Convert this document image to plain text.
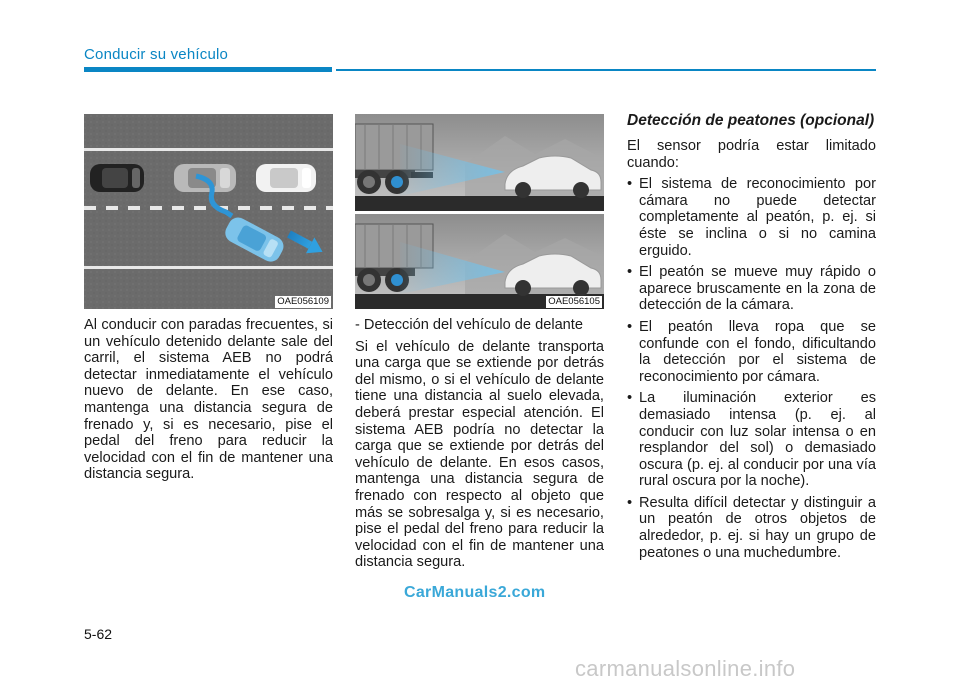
Conducir su vehículo
OAE056109	OAE056105

Al conducir con paradas frecuentes, si un vehículo detenido delante sale del carril, el sistema AEB no podrá detectar inmediatamente el vehículo nuevo de delante. En ese caso, mantenga una distancia segura de frenado y, si es necesario, pise el pedal del freno para reducir la velocidad con el fin de mantener una distancia segura.

- Detección del vehículo de delante

Si el vehículo de delante transporta una carga que se extiende por detrás del mismo, o si el vehículo de delante tiene una distancia al suelo elevada, deberá prestar especial atención. El sistema AEB podría no detectar la carga que se extiende por detrás del vehículo de delante. En esos casos, mantenga una distancia segura de frenado con respecto al objeto que más se sobresalga y, si es necesario, pise el pedal del freno para reducir la velocidad con el fin de mantener una distancia segura.

Detección de peatones (opcional)

El sensor podría estar limitado cuando:

• El sistema de reconocimiento por cámara no puede detectar completamente al peatón, p. ej. si éste se inclina o si no camina erguido.
• El peatón se mueve muy rápido o aparece bruscamente en la zona de detección de la cámara.
• El peatón lleva ropa que se confunde con el fondo, dificultando la detección por el sistema de reconocimiento por cámara.
• La iluminación exterior es demasiado intensa (p. ej. al conducir con luz solar intensa o en resplandor del sol) o demasiado oscura (p. ej. al conducir por una vía rural oscura por la noche).
• Resulta difícil detectar y distinguir a un peatón de otros objetos de alrededor, p. ej. si hay un grupo de peatones o una muchedumbre.
CarManuals2.com
5-62
carmanualsonline.info
